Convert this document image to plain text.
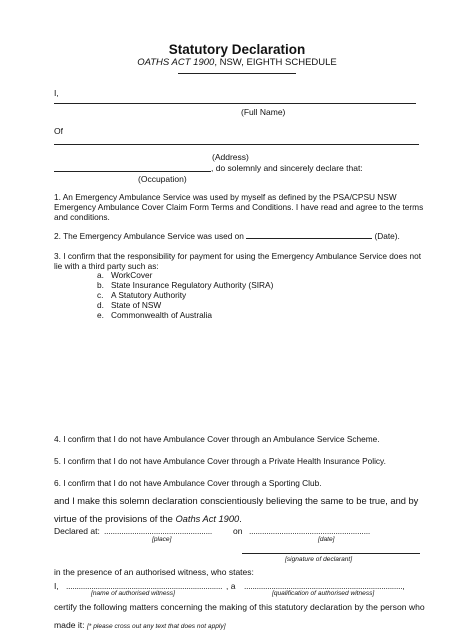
Statutory Declaration
OATHS ACT 1900, NSW, EIGHTH SCHEDULE
I,
(Full Name)
Of
(Address)
, do solemnly and sincerely declare that:
(Occupation)
1. An Emergency Ambulance Service was used by myself as defined by the PSA/CPSU NSW Emergency Ambulance Cover Claim Form Terms and Conditions. I have read and agree to the terms and conditions.
2. The Emergency Ambulance Service was used on	(Date).
3. I confirm that the responsibility for payment for using the Emergency Ambulance Service does not lie with a third party such as:
a. WorkCover
b. State Insurance Regulatory Authority (SIRA)
c. A Statutory Authority
d. State of NSW
e. Commonwealth of Australia
4. I confirm that I do not have Ambulance Cover through an Ambulance Service Scheme.
5. I confirm that I do not have Ambulance Cover through a Private Health Insurance Policy.
6. I confirm that I do not have Ambulance Cover through a Sporting Club.
and I make this solemn declaration conscientiously believing the same to be true, and by virtue of the provisions of the Oaths Act 1900.
Declared at: .................................................. on ........................................................
[place]	[date]
[signature of declarant]
in the presence of an authorised witness, who states:
I, .......................................................................... , a ...........................................................................,
[name of authorised witness]	[qualification of authorised witness]
certify the following matters concerning the making of this statutory declaration by the person who made it: [* please cross out any text that does not apply]
